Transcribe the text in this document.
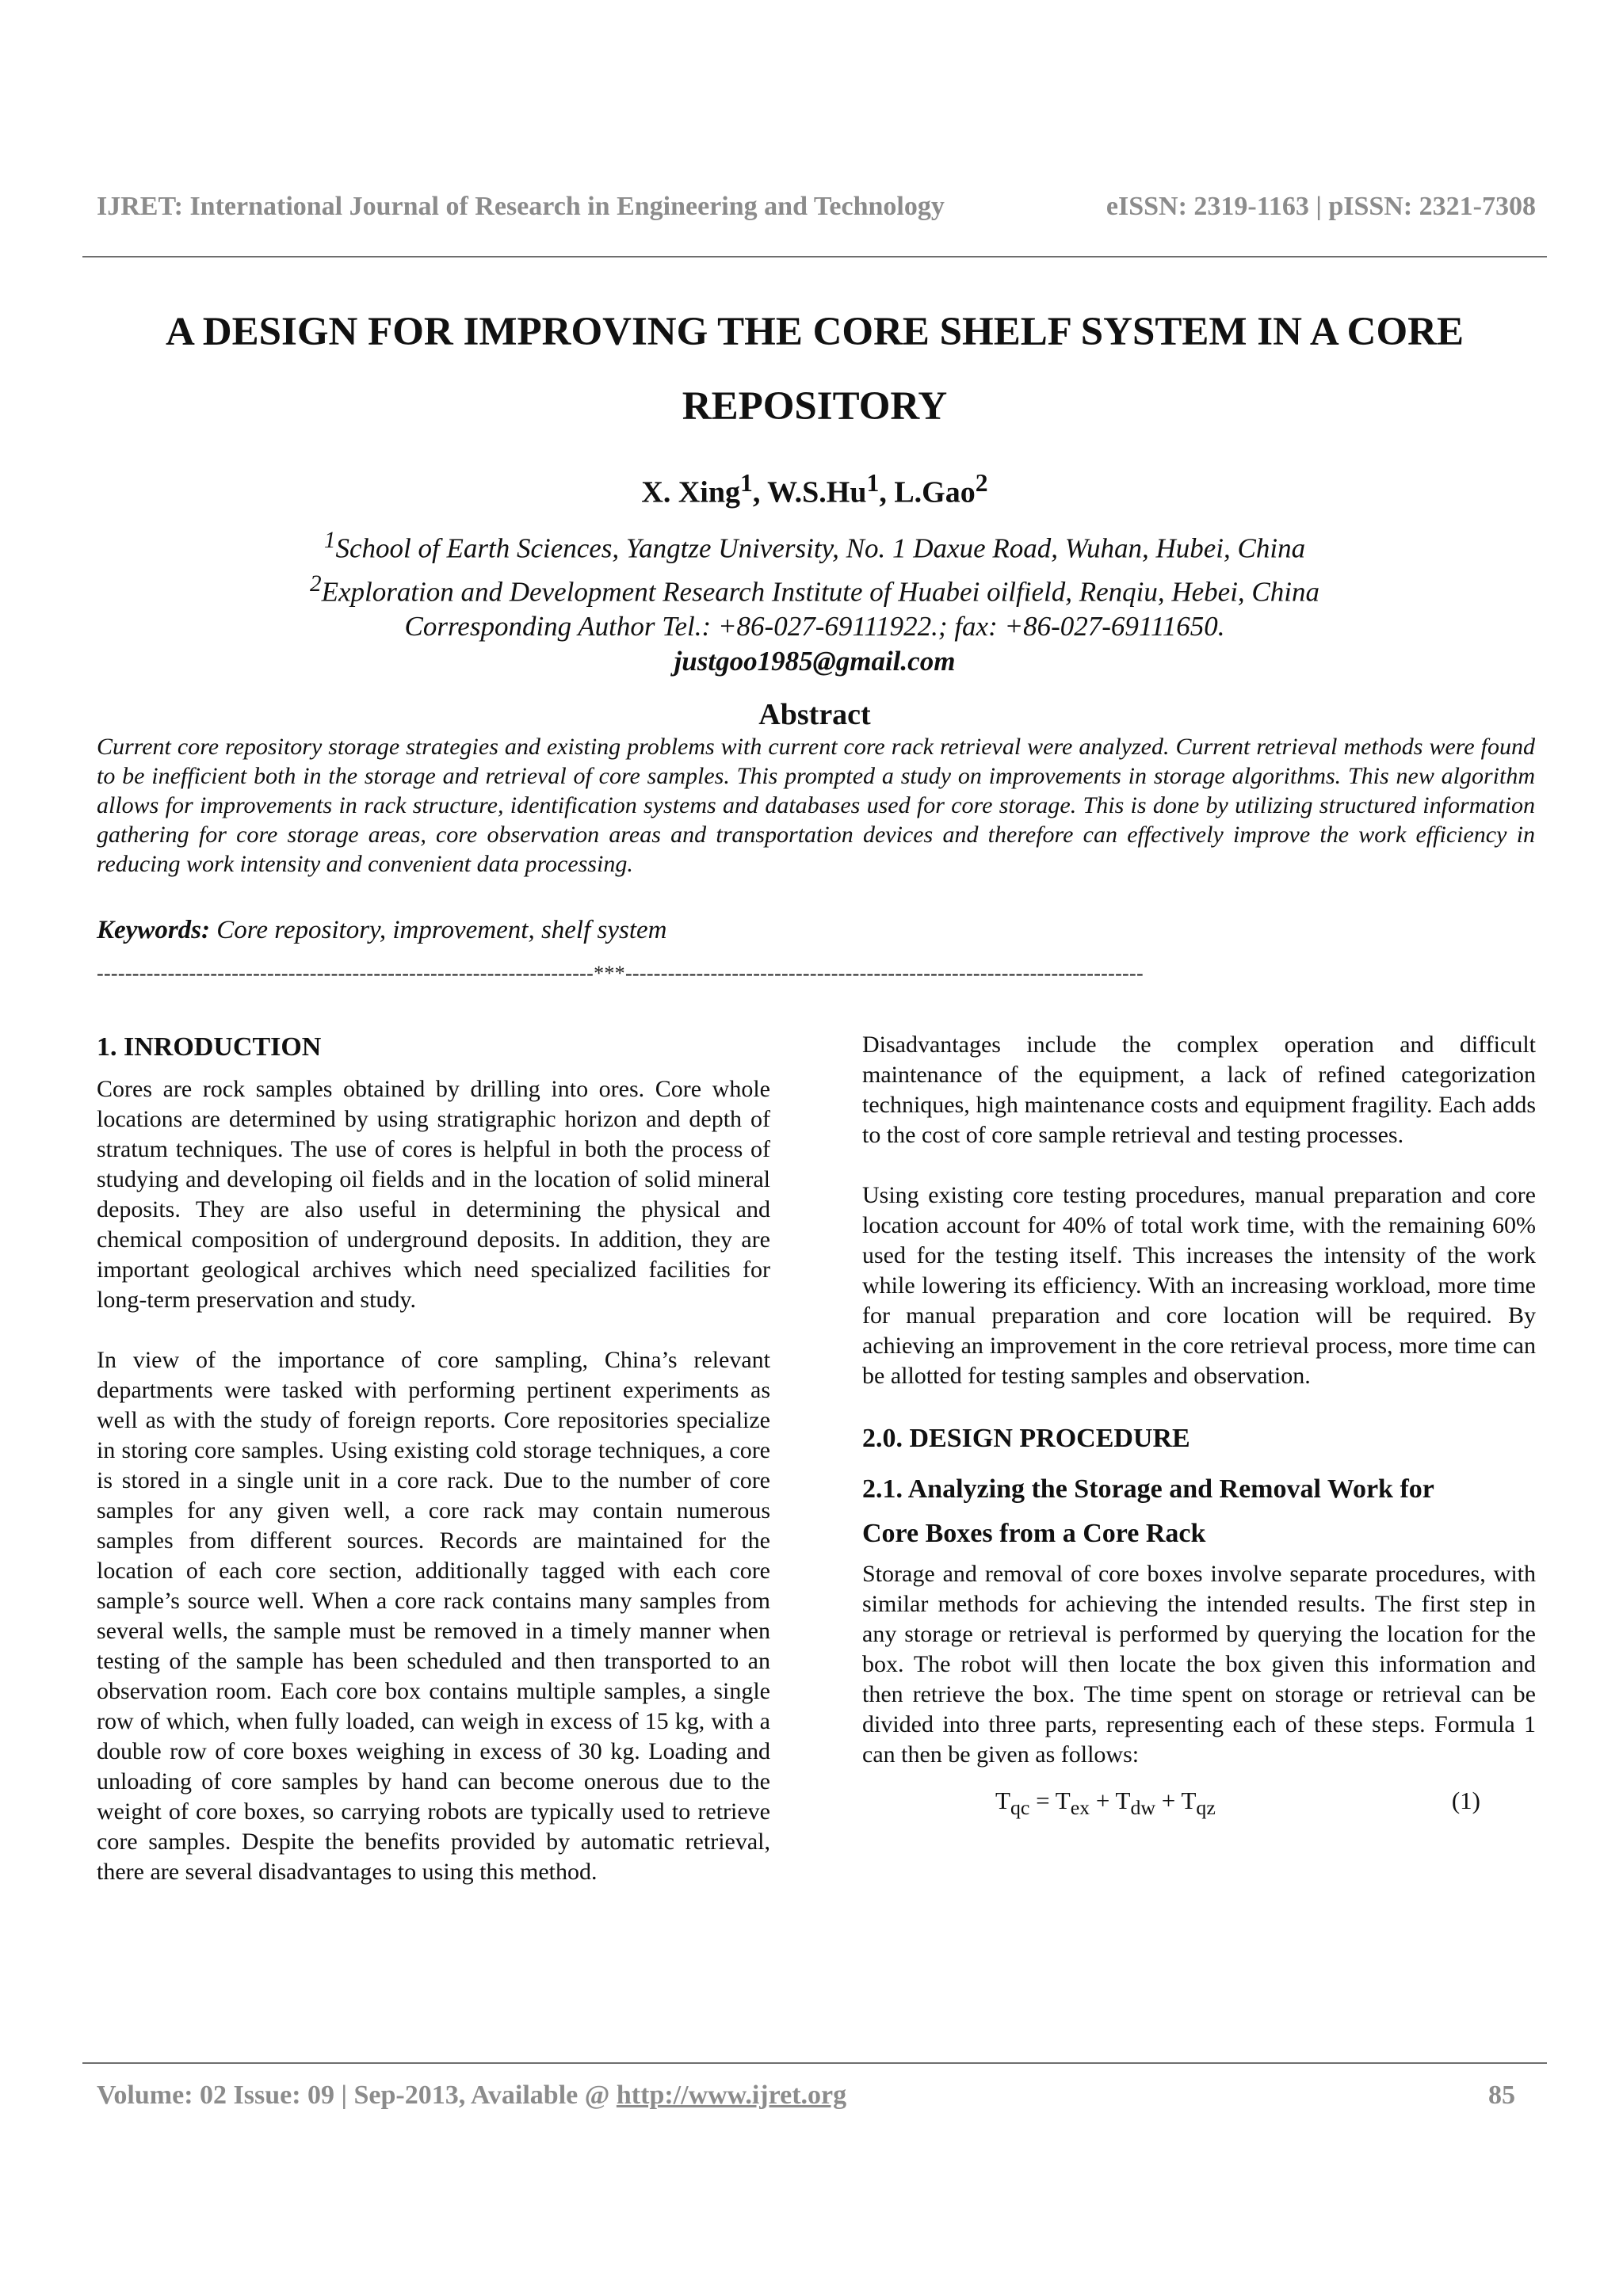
IJRET: International Journal of Research in Engineering and Technology	eISSN: 2319-1163 | pISSN: 2321-7308
A DESIGN FOR IMPROVING THE CORE SHELF SYSTEM IN A CORE
REPOSITORY
X. Xing$^1$, W.S.Hu$^1$, L.Gao$^2$
$^1$School of Earth Sciences, Yangtze University, No. 1 Daxue Road, Wuhan, Hubei, China
$^2$Exploration and Development Research Institute of Huabei oilfield, Renqiu, Hebei, China
Corresponding Author Tel.: +86-027-69111922.; fax: +86-027-69111650.
justgoo1985@gmail.com
Abstract
Current core repository storage strategies and existing problems with current core rack retrieval were analyzed. Current retrieval methods were found to be inefficient both in the storage and retrieval of core samples. This prompted a study on improvements in storage algorithms. This new algorithm allows for improvements in rack structure, identification systems and databases used for core storage. This is done by utilizing structured information gathering for core storage areas, core observation areas and transportation devices and therefore can effectively improve the work efficiency in reducing work intensity and convenient data processing.
Keywords: Core repository, improvement, shelf system
----------------------------------------------------------------------***-------------------------------------------------------------------------
1. INRODUCTION

Cores are rock samples obtained by drilling into ores. Core whole locations are determined by using stratigraphic horizon and depth of stratum techniques. The use of cores is helpful in both the process of studying and developing oil fields and in the location of solid mineral deposits. They are also useful in determining the physical and chemical composition of underground deposits. In addition, they are important geological archives which need specialized facilities for long-term preservation and study.

In view of the importance of core sampling, China’s relevant departments were tasked with performing pertinent experiments as well as with the study of foreign reports. Core repositories specialize in storing core samples. Using existing cold storage techniques, a core is stored in a single unit in a core rack. Due to the number of core samples for any given well, a core rack may contain numerous samples from different sources. Records are maintained for the location of each core section, additionally tagged with each core sample’s source well. When a core rack contains many samples from several wells, the sample must be removed in a timely manner when testing of the sample has been scheduled and then transported to an observation room. Each core box contains multiple samples, a single row of which, when fully loaded, can weigh in excess of 15 kg, with a double row of core boxes weighing in excess of 30 kg. Loading and unloading of core samples by hand can become onerous due to the weight of core boxes, so carrying robots are typically used to retrieve core samples. Despite the benefits provided by automatic retrieval, there are several disadvantages to using this method.

Disadvantages include the complex operation and difficult maintenance of the equipment, a lack of refined categorization techniques, high maintenance costs and equipment fragility. Each adds to the cost of core sample retrieval and testing processes.

Using existing core testing procedures, manual preparation and core location account for 40% of total work time, with the remaining 60% used for the testing itself. This increases the intensity of the work while lowering its efficiency. With an increasing workload, more time for manual preparation and core location will be required. By achieving an improvement in the core retrieval process, more time can be allotted for testing samples and observation.

2.0. DESIGN PROCEDURE
2.1. Analyzing the Storage and Removal Work for
Core Boxes from a Core Rack

Storage and removal of core boxes involve separate procedures, with similar methods for achieving the intended results. The first step in any storage or retrieval is performed by querying the location for the box. The robot will then locate the box given this information and then retrieve the box. The time spent on storage or retrieval can be divided into three parts, representing each of these steps. Formula 1 can then be given as follows:

$T_{qc} = T_{ex} + T_{dw} + T_{qz}$	(1)
Volume: 02 Issue: 09 | Sep-2013, Available @ http://www.ijret.org	85
